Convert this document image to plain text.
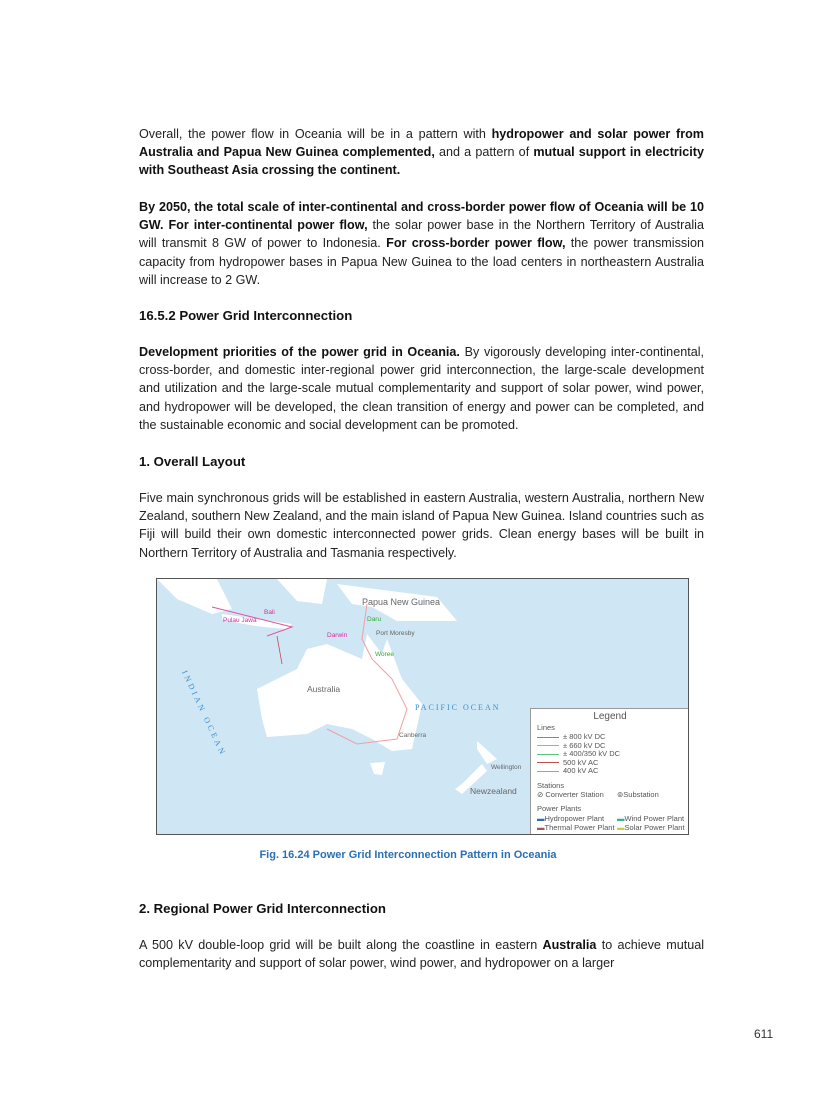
Overall, the power flow in Oceania will be in a pattern with hydropower and solar power from Australia and Papua New Guinea complemented, and a pattern of mutual support in electricity with Southeast Asia crossing the continent.
By 2050, the total scale of inter-continental and cross-border power flow of Oceania will be 10 GW. For inter-continental power flow, the solar power base in the Northern Territory of Australia will transmit 8 GW of power to Indonesia. For cross-border power flow, the power transmission capacity from hydropower bases in Papua New Guinea to the load centers in northeastern Australia will increase to 2 GW.
16.5.2 Power Grid Interconnection
Development priorities of the power grid in Oceania. By vigorously developing inter-continental, cross-border, and domestic inter-regional power grid interconnection, the large-scale development and utilization and the large-scale mutual complementarity and support of solar power, wind power, and hydropower will be developed, the clean transition of energy and power can be completed, and the sustainable economic and social development can be promoted.
1. Overall Layout
Five main synchronous grids will be established in eastern Australia, western Australia, northern New Zealand, southern New Zealand, and the main island of Papua New Guinea. Island countries such as Fiji will build their own domestic interconnected power grids. Clean energy bases will be built in Northern Territory of Australia and Tasmania respectively.
Papua New Guinea
Bali
Pulau Jawa
Darwin
Daru
Port Moresby
Woree
Australia
INDIAN OCEAN	PACIFIC OCEAN
Canberra
Wellington
Newzealand
Legend
Lines
± 800 kV DC
± 660 kV DC
± 400/350 kV DC
500 kV AC
400 kV AC
Stations
⊘ Converter Station ⊚Substation
Power Plants
▬Hydropower Plant ▬Wind Power Plant
▬Thermal Power Plant ▬Solar Power Plant
Fig. 16.24 Power Grid Interconnection Pattern in Oceania
2. Regional Power Grid Interconnection
A 500 kV double-loop grid will be built along the coastline in eastern Australia to achieve mutual complementarity and support of solar power, wind power, and hydropower on a larger
611
